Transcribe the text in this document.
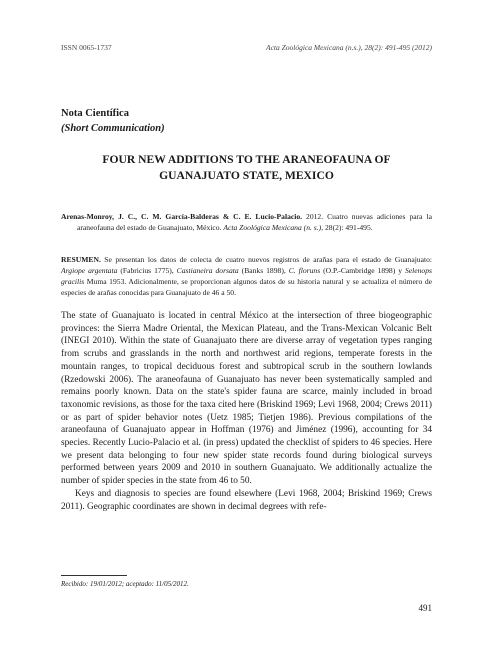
ISSN 0065-1737	Acta Zoológica Mexicana (n.s.), 28(2): 491-495 (2012)
Nota Científica
(Short Communication)
FOUR NEW ADDITIONS TO THE ARANEOFAUNA OF
GUANAJUATO STATE, MEXICO
Arenas-Monroy, J. C., C. M. García-Balderas & C. E. Lucio-Palacio. 2012. Cuatro nuevas adiciones para la araneofauna del estado de Guanajuato, México. Acta Zoológica Mexicana (n. s.), 28(2): 491-495.
RESUMEN. Se presentan los datos de colecta de cuatro nuevos registros de arañas para el estado de Guanajuato: Argiope argentata (Fabricius 1775), Castianeira dorsata (Banks 1898), C. floruns (O.P.-Cambridge 1898) y Selenops gracilis Muma 1953. Adicionalmente, se proporcionan algunos datos de su historia natural y se actualiza el número de especies de arañas conocidas para Guanajuato de 46 a 50.

The state of Guanajuato is located in central México at the intersection of three biogeographic provinces: the Sierra Madre Oriental, the Mexican Plateau, and the Trans-Mexican Volcanic Belt (INEGI 2010). Within the state of Guanajuato there are diverse array of vegetation types ranging from scrubs and grasslands in the north and northwest arid regions, temperate forests in the mountain ranges, to tropical deciduous forest and subtropical scrub in the southern lowlands (Rzedowski 2006). The araneofauna of Guanajuato has never been systematically sampled and remains poorly known. Data on the state's spider fauna are scarce, mainly included in broad taxonomic revisions, as those for the taxa cited here (Briskind 1969; Levi 1968, 2004; Crews 2011) or as part of spider behavior notes (Uetz 1985; Tietjen 1986). Previous compilations of the araneofauna of Guanajuato appear in Hoffman (1976) and Jiménez (1996), accounting for 34 species. Recently Lucio-Palacio et al. (in press) updated the checklist of spiders to 46 species. Here we present data belonging to four new spider state records found during biological surveys performed between years 2009 and 2010 in southern Guanajuato. We additionally actualize the number of spider species in the state from 46 to 50.

Keys and diagnosis to species are found elsewhere (Levi 1968, 2004; Briskind 1969; Crews 2011). Geographic coordinates are shown in decimal degrees with refe-

Recibido: 19/01/2012; aceptado: 11/05/2012.
491
